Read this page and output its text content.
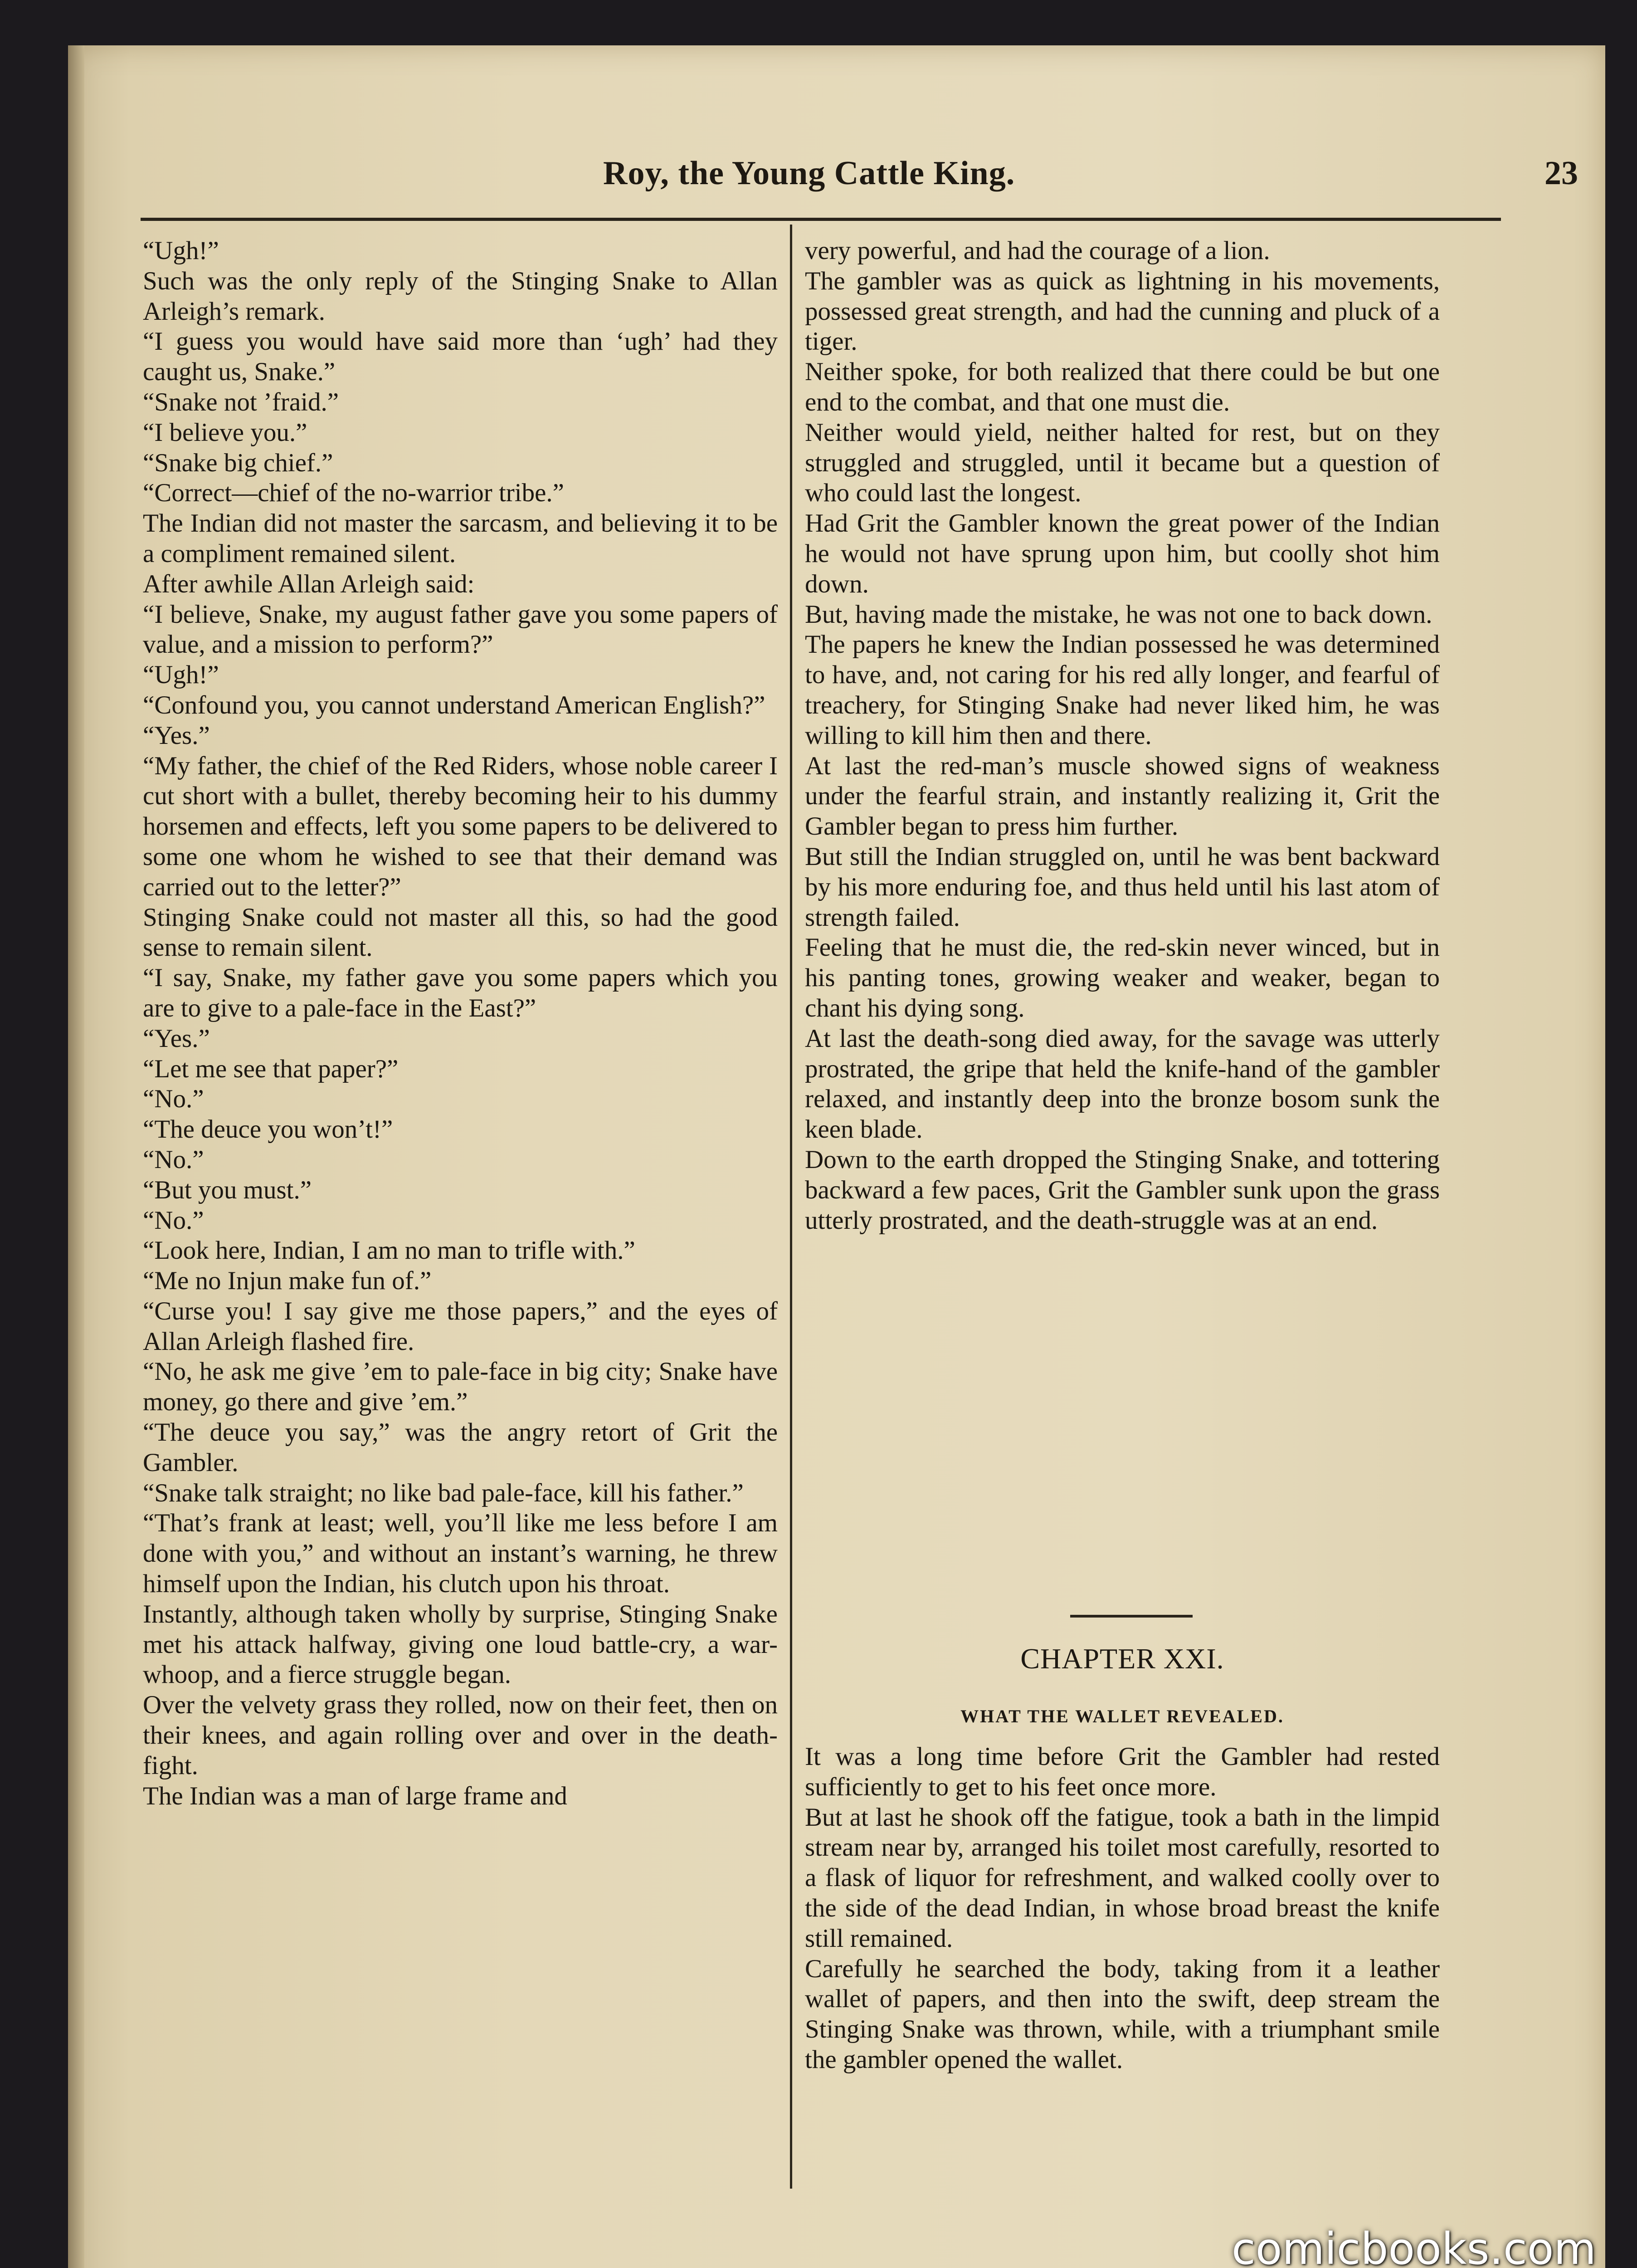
Roy, the Young Cattle King.	23
“Ugh!”
Such was the only reply of the Stinging Snake to Allan Arleigh’s remark.
“I guess you would have said more than ‘ugh’ had they caught us, Snake.”
“Snake not ’fraid.”
“I believe you.”
“Snake big chief.”
“Correct—chief of the no-warrior tribe.”
The Indian did not master the sarcasm, and believing it to be a compliment remained silent.
After awhile Allan Arleigh said:
“I believe, Snake, my august father gave you some papers of value, and a mission to perform?”
“Ugh!”
“Confound you, you cannot understand American English?”
“Yes.”
“My father, the chief of the Red Riders, whose noble career I cut short with a bullet, thereby becoming heir to his dummy horsemen and effects, left you some papers to be delivered to some one whom he wished to see that their demand was carried out to the letter?”
Stinging Snake could not master all this, so had the good sense to remain silent.
“I say, Snake, my father gave you some papers which you are to give to a pale-face in the East?”
“Yes.”
“Let me see that paper?”
“No.”
“The deuce you won’t!”
“No.”
“But you must.”
“No.”
“Look here, Indian, I am no man to trifle with.”
“Me no Injun make fun of.”
“Curse you! I say give me those papers,” and the eyes of Allan Arleigh flashed fire.
“No, he ask me give ’em to pale-face in big city; Snake have money, go there and give ’em.”
“The deuce you say,” was the angry retort of Grit the Gambler.
“Snake talk straight; no like bad pale-face, kill his father.”
“That’s frank at least; well, you’ll like me less before I am done with you,” and without an instant’s warning, he threw himself upon the Indian, his clutch upon his throat.
Instantly, although taken wholly by surprise, Stinging Snake met his attack halfway, giving one loud battle-cry, a war-whoop, and a fierce struggle began.
Over the velvety grass they rolled, now on their feet, then on their knees, and again rolling over and over in the death-fight.
The Indian was a man of large frame and
very powerful, and had the courage of a lion.
The gambler was as quick as lightning in his movements, possessed great strength, and had the cunning and pluck of a tiger.
Neither spoke, for both realized that there could be but one end to the combat, and that one must die.
Neither would yield, neither halted for rest, but on they struggled and struggled, until it became but a question of who could last the longest.
Had Grit the Gambler known the great power of the Indian he would not have sprung upon him, but coolly shot him down.
But, having made the mistake, he was not one to back down.
The papers he knew the Indian possessed he was determined to have, and, not caring for his red ally longer, and fearful of treachery, for Stinging Snake had never liked him, he was willing to kill him then and there.
At last the red-man’s muscle showed signs of weakness under the fearful strain, and instantly realizing it, Grit the Gambler began to press him further.
But still the Indian struggled on, until he was bent backward by his more enduring foe, and thus held until his last atom of strength failed.
Feeling that he must die, the red-skin never winced, but in his panting tones, growing weaker and weaker, began to chant his dying song.
At last the death-song died away, for the savage was utterly prostrated, the gripe that held the knife-hand of the gambler relaxed, and instantly deep into the bronze bosom sunk the keen blade.
Down to the earth dropped the Stinging Snake, and tottering backward a few paces, Grit the Gambler sunk upon the grass utterly prostrated, and the death-struggle was at an end.
CHAPTER XXI.
WHAT THE WALLET REVEALED.
It was a long time before Grit the Gambler had rested sufficiently to get to his feet once more.
But at last he shook off the fatigue, took a bath in the limpid stream near by, arranged his toilet most carefully, resorted to a flask of liquor for refreshment, and walked coolly over to the side of the dead Indian, in whose broad breast the knife still remained.
Carefully he searched the body, taking from it a leather wallet of papers, and then into the swift, deep stream the Stinging Snake was thrown, while, with a triumphant smile the gambler opened the wallet.
comicbooks.com
